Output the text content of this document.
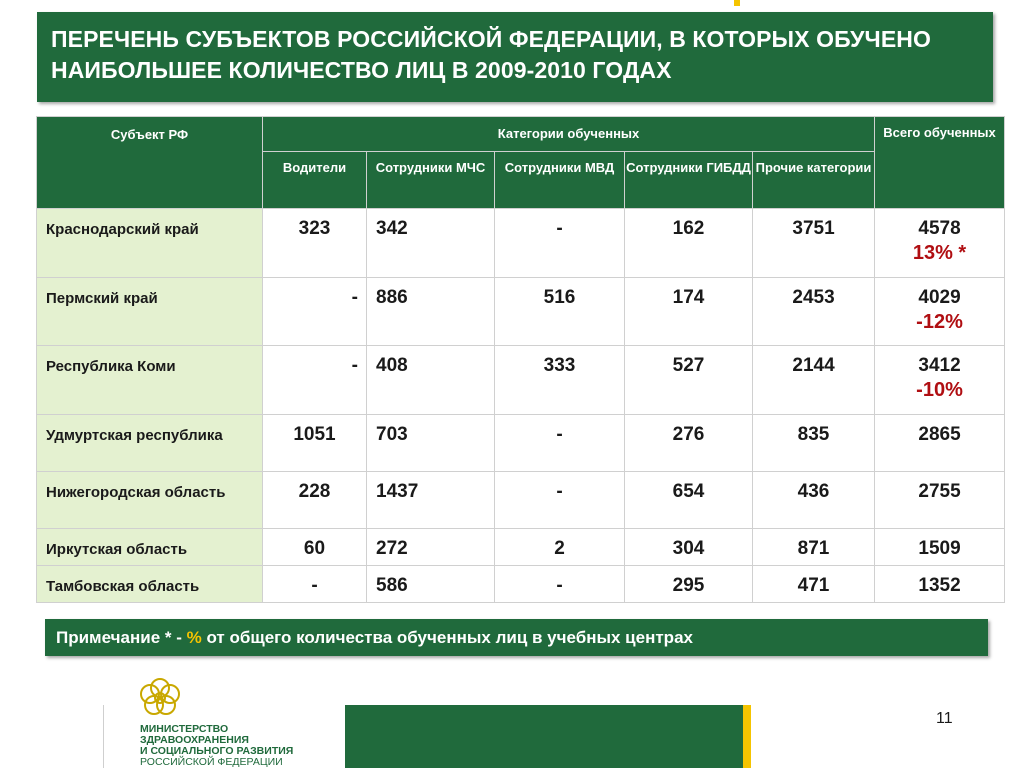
ПЕРЕЧЕНЬ СУБЪЕКТОВ РОССИЙСКОЙ ФЕДЕРАЦИИ, В КОТОРЫХ ОБУЧЕНО НАИБОЛЬШЕЕ КОЛИЧЕСТВО ЛИЦ В 2009-2010 ГОДАХ
Субъект РФ	Категории обученных					Всего обученных
	Водители	Сотрудники МЧС	Сотрудники МВД	Сотрудники ГИБДД	Прочие категории	
Краснодарский край	323	342	-	162	3751	4578
13% *

Пермский край	-	886	516	174	2453	4029
-12%

Республика Коми	-	408	333	527	2144	3412
-10%

Удмуртская республика	1051	703	-	276	835	2865
Нижегородская область	228	1437	-	654	436	2755
Иркутская область	60	272	2	304	871	1509
Тамбовская область	-	586	-	295	471	1352
Примечание * - % от общего количества обученных лиц в учебных центрах
МИНИСТЕРСТВО
ЗДРАВООХРАНЕНИЯ
И СОЦИАЛЬНОГО РАЗВИТИЯ
РОССИЙСКОЙ ФЕДЕРАЦИИ
11
